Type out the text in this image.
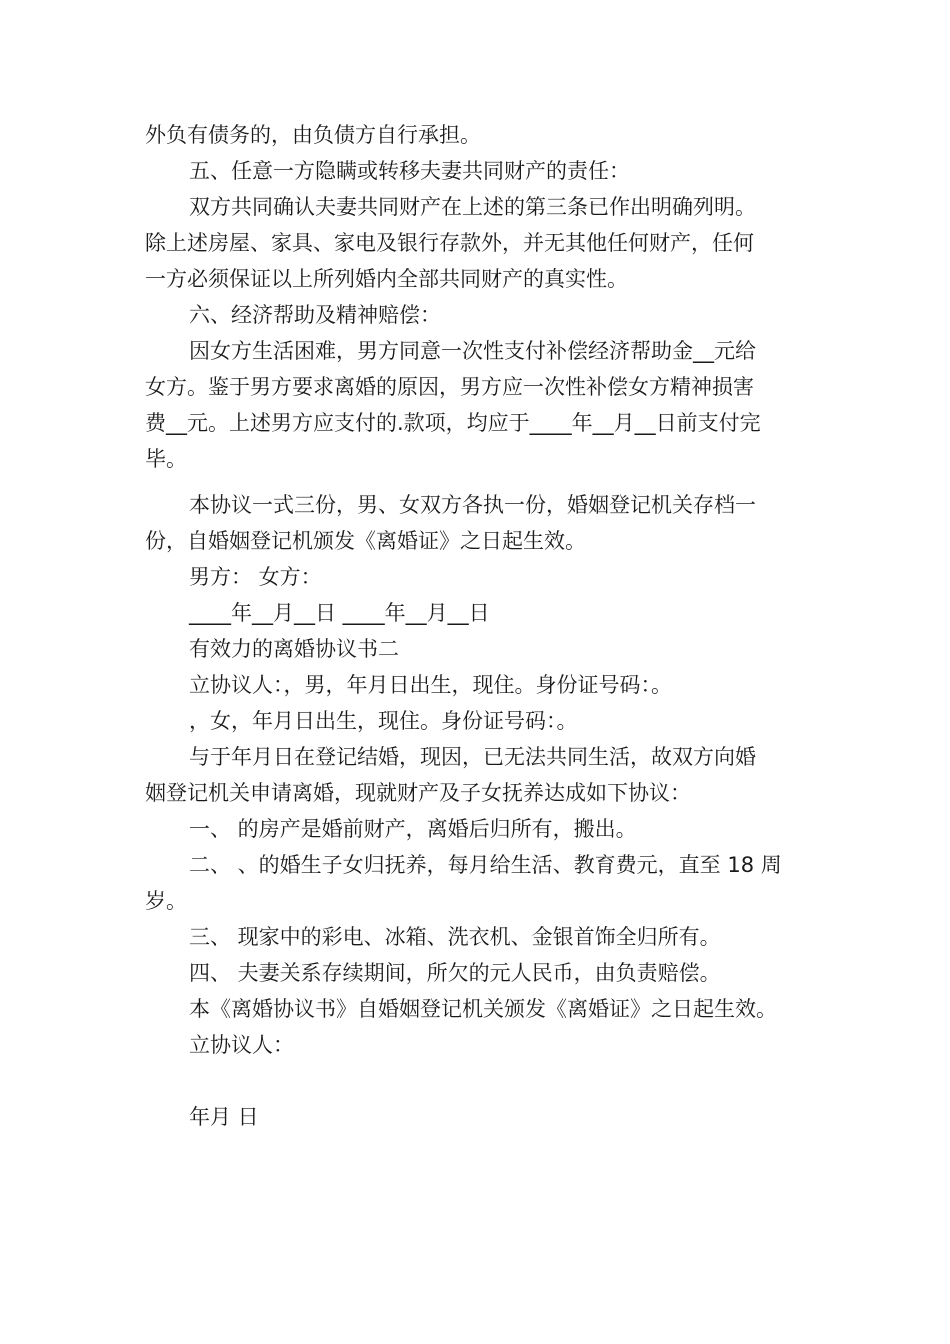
外负有债务的，由负债方自行承担。
五、任意一方隐瞒或转移夫妻共同财产的责任：
双方共同确认夫妻共同财产在上述的第三条已作出明确列明。
除上述房屋、家具、家电及银行存款外，并无其他任何财产，任何
一方必须保证以上所列婚内全部共同财产的真实性。
六、经济帮助及精神赔偿：
因女方生活困难，男方同意一次性支付补偿经济帮助金__元给
女方。鉴于男方要求离婚的原因，男方应一次性补偿女方精神损害
费__元。上述男方应支付的.款项，均应于____年__月__日前支付完
毕。
本协议一式三份，男、女双方各执一份，婚姻登记机关存档一
份，自婚姻登记机颁发《离婚证》之日起生效。
男方： 女方：
____年__月__日 ____年__月__日
有效力的离婚协议书二
立协议人：，男，年月日出生，现住。身份证号码：。
，女，年月日出生，现住。身份证号码：。
与于年月日在登记结婚，现因，已无法共同生活，故双方向婚
姻登记机关申请离婚，现就财产及子女抚养达成如下协议：
一、 的房产是婚前财产，离婚后归所有，搬出。
二、 、的婚生子女归抚养，每月给生活、教育费元，直至 18 周
岁。
三、 现家中的彩电、冰箱、洗衣机、金银首饰全归所有。
四、 夫妻关系存续期间，所欠的元人民币，由负责赔偿。
本《离婚协议书》自婚姻登记机关颁发《离婚证》之日起生效。
立协议人：
年月 日
